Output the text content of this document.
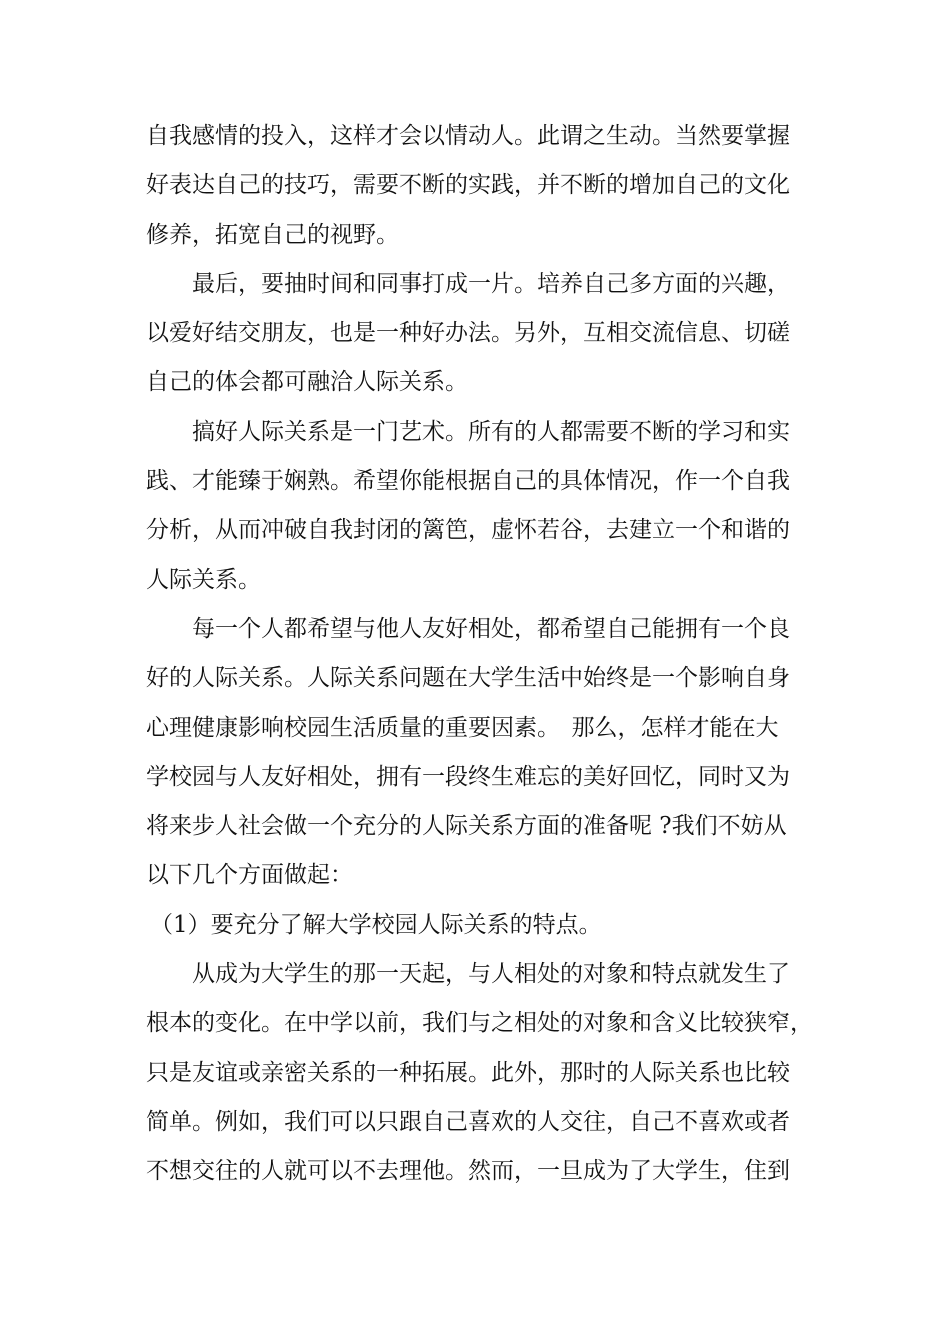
自我感情的投入，这样才会以情动人。此谓之生动。当然要掌握
好表达自己的技巧，需要不断的实践，并不断的增加自己的文化
修养，拓宽自己的视野。
最后，要抽时间和同事打成一片。培养自己多方面的兴趣，
以爱好结交朋友，也是一种好办法。另外，互相交流信息、切磋
自己的体会都可融洽人际关系。
搞好人际关系是一门艺术。所有的人都需要不断的学习和实
践、才能臻于娴熟。希望你能根据自己的具体情况，作一个自我
分析，从而冲破自我封闭的篱笆，虚怀若谷，去建立一个和谐的
人际关系。
每一个人都希望与他人友好相处，都希望自己能拥有一个良
好的人际关系。人际关系问题在大学生活中始终是一个影响自身
心理健康影响校园生活质量的重要因素。　那么，怎样才能在大
学校园与人友好相处，拥有一段终生难忘的美好回忆，同时又为
将来步人社会做一个充分的人际关系方面的准备呢 ?我们不妨从
以下几个方面做起：
（1）要充分了解大学校园人际关系的特点。
从成为大学生的那一天起，与人相处的对象和特点就发生了
根本的变化。在中学以前，我们与之相处的对象和含义比较狭窄，
只是友谊或亲密关系的一种拓展。此外，那时的人际关系也比较
简单。例如，我们可以只跟自己喜欢的人交往，自己不喜欢或者
不想交往的人就可以不去理他。然而，一旦成为了大学生，住到
